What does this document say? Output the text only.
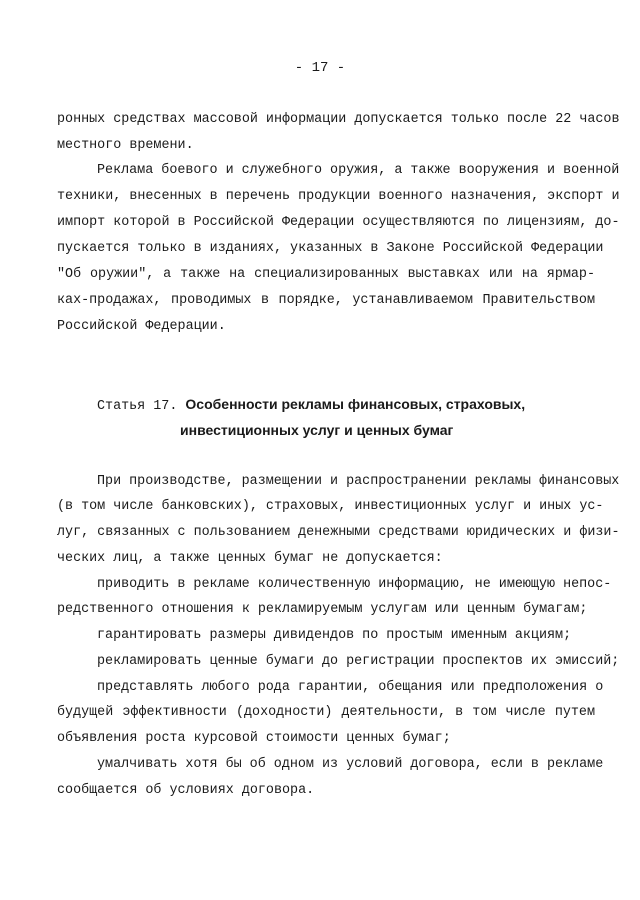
- 17 -
ронных средствах массовой информации допускается только после 22 часов
местного времени.
Реклама боевого и служебного оружия, а также вооружения и военной
техники, внесенных в перечень продукции военного назначения, экспорт и
импорт которой в Российской Федерации осуществляются по лицензиям, до-
пускается только в изданиях, указанных в Законе Российской Федерации
"Об оружии", а также на специализированных выставках или на ярмар-
ках-продажах, проводимых в порядке, устанавливаемом Правительством
Российской Федерации.
Статья 17. Особенности рекламы финансовых, страховых,
инвестиционных услуг и ценных бумаг
При производстве, размещении и распространении рекламы финансовых
(в том числе банковских), страховых, инвестиционных услуг и иных ус-
луг, связанных с пользованием денежными средствами юридических и физи-
ческих лиц, а также ценных бумаг не допускается:
приводить в рекламе количественную информацию, не имеющую непос-
редственного отношения к рекламируемым услугам или ценным бумагам;
гарантировать размеры дивидендов по простым именным акциям;
рекламировать ценные бумаги до регистрации проспектов их эмиссий;
представлять любого рода гарантии, обещания или предположения о
будущей эффективности (доходности) деятельности, в том числе путем
объявления роста курсовой стоимости ценных бумаг;
умалчивать хотя бы об одном из условий договора, если в рекламе
сообщается об условиях договора.
